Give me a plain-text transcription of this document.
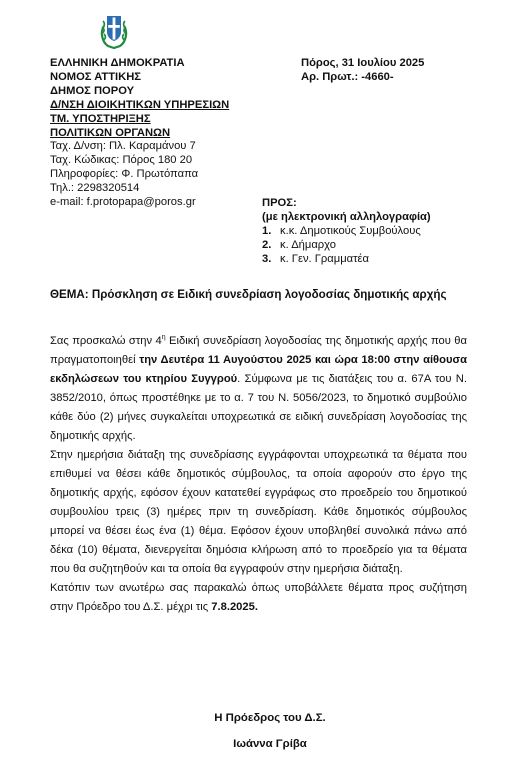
ΕΛΛΗΝΙΚΗ ΔΗΜΟΚΡΑΤΙΑ
ΝΟΜΟΣ ΑΤΤΙΚΗΣ
ΔΗΜΟΣ ΠΟΡΟΥ
Δ/ΝΣΗ ΔΙΟΙΚΗΤΙΚΩΝ ΥΠΗΡΕΣΙΩΝ
ΤΜ. ΥΠΟΣΤΗΡΙΞΗΣ
ΠΟΛΙΤΙΚΩΝ ΟΡΓΑΝΩΝ
Ταχ. Δ/νση: Πλ. Καραμάνου 7
Ταχ. Κώδικας: Πόρος 180 20
Πληροφορίες: Φ. Πρωτόπαπα
Τηλ.: 2298320514
e-mail: f.protopapa@poros.gr
Πόρος, 31 Ιουλίου 2025
Αρ. Πρωτ.: -4660-
ΠΡΟΣ:
(με ηλεκτρονική αλληλογραφία)
1. κ.κ. Δημοτικούς Συμβούλους
2. κ. Δήμαρχο
3. κ. Γεν. Γραμματέα
ΘΕΜΑ: Πρόσκληση σε Ειδική συνεδρίαση λογοδοσίας δημοτικής αρχής

Σας προσκαλώ στην $4^\eta$ Ειδική συνεδρίαση λογοδοσίας της δημοτικής αρχής που θα πραγματοποιηθεί την Δευτέρα 11 Αυγούστου 2025 και ώρα 18:00 στην αίθουσα εκδηλώσεων του κτηρίου Συγγρού. Σύμφωνα με τις διατάξεις του α. 67Α του Ν. 3852/2010, όπως προστέθηκε με το α. 7 του Ν. 5056/2023, το δημοτικό συμβούλιο κάθε δύο (2) μήνες συγκαλείται υποχρεωτικά σε ειδική συνεδρίαση λογοδοσίας της δημοτικής αρχής.

Στην ημερήσια διάταξη της συνεδρίασης εγγράφονται υποχρεωτικά τα θέματα που επιθυμεί να θέσει κάθε δημοτικός σύμβουλος, τα οποία αφορούν στο έργο της δημοτικής αρχής, εφόσον έχουν κατατεθεί εγγράφως στο προεδρείο του δημοτικού συμβουλίου τρεις (3) ημέρες πριν τη συνεδρίαση. Κάθε δημοτικός σύμβουλος μπορεί να θέσει έως ένα (1) θέμα. Εφόσον έχουν υποβληθεί συνολικά πάνω από δέκα (10) θέματα, διενεργείται δημόσια κλήρωση από το προεδρείο για τα θέματα που θα συζητηθούν και τα οποία θα εγγραφούν στην ημερήσια διάταξη.

Κατόπιν των ανωτέρω σας παρακαλώ όπως υποβάλλετε θέματα προς συζήτηση στην Πρόεδρο του Δ.Σ. μέχρι τις 7.8.2025.

Η Πρόεδρος του Δ.Σ.
Ιωάννα Γρίβα
